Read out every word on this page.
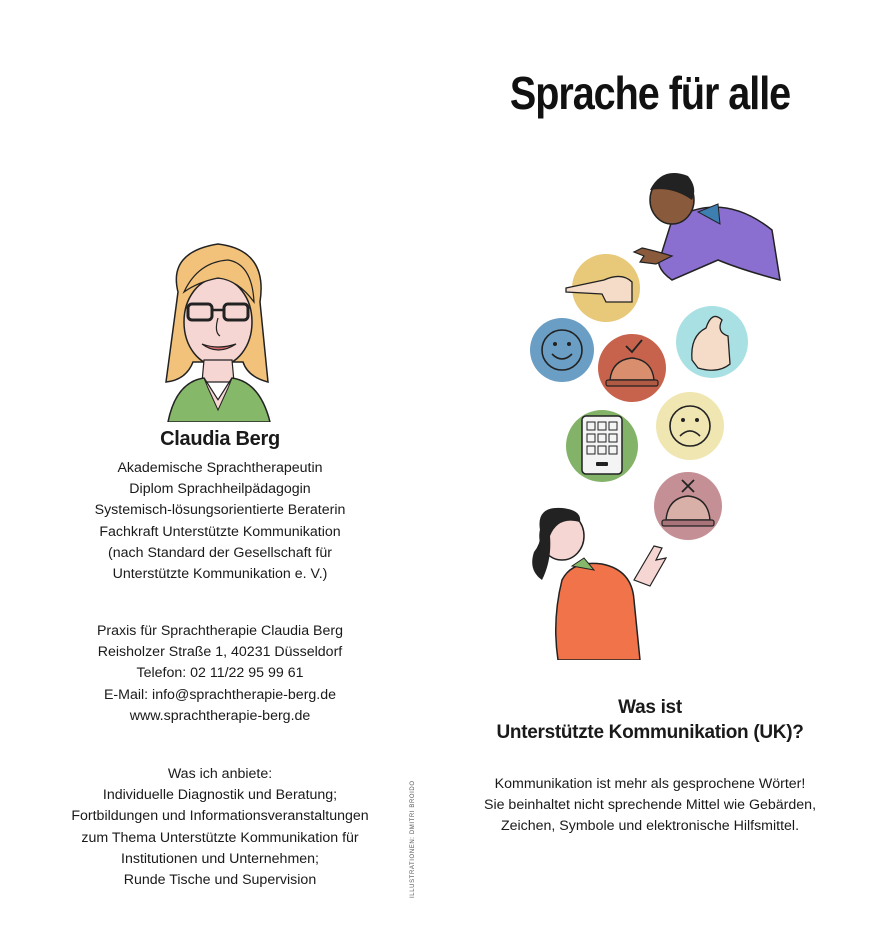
Claudia Berg
Akademische Sprachtherapeutin
Diplom Sprachheilpädagogin
Systemisch-lösungsorientierte Beraterin
Fachkraft Unterstützte Kommunikation
(nach Standard der Gesellschaft für
Unterstützte Kommunikation e. V.)
Praxis für Sprachtherapie Claudia Berg
Reisholzer Straße 1, 40231 Düsseldorf
Telefon: 02 11/22 95 99 61
E-Mail: info@sprachtherapie-berg.de
www.sprachtherapie-berg.de
Was ich anbiete:
Individuelle Diagnostik und Beratung;
Fortbildungen und Informationsveranstaltungen
zum Thema Unterstützte Kommunikation für
Institutionen und Unternehmen;
Runde Tische und Supervision	ILLUSTRATIONEN: DMITRI BROIDO
Sprache für alle
Was ist
Unterstützte Kommunikation (UK)?
Kommunikation ist mehr als gesprochene Wörter!
Sie beinhaltet nicht sprechende Mittel wie Gebärden,
Zeichen, Symbole und elektronische Hilfsmittel.
